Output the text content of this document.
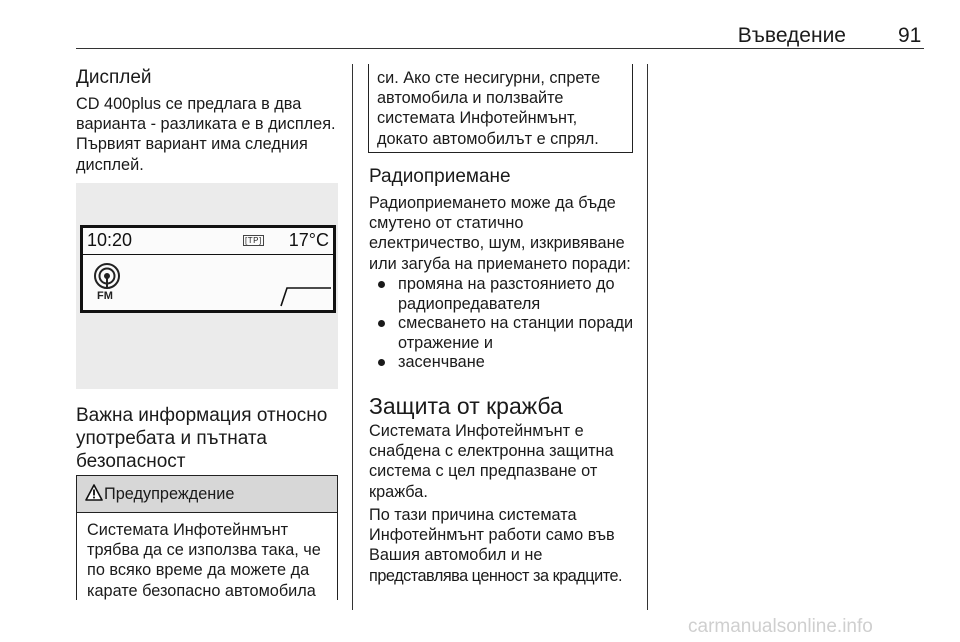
Въведение 91
Дисплей
CD 400plus се предлага в два
варианта - разликата е в дисплея.
Първият вариант има следния
дисплей.
10:20	[TP] 17°C
FM
Важна информация относно
употребата и пътната
безопасност
Предупреждение
Системата Инфотейнмънт
трябва да се използва така, че
по всяко време да можете да
карате безопасно автомобила
си. Ако сте несигурни, спрете
автомобила и ползвайте
системата Инфотейнмънт,
докато автомобилът е спрял.
Радиоприемане
Радиоприемането може да бъде
смутено от статично
електричество, шум, изкривяване
или загуба на приемането поради:
промяна на разстоянието до
радиопредавателя
смесването на станции поради
отражение и
засенчване
Защита от кражба
Системата Инфотейнмънт е
снабдена с електронна защитна
система с цел предпазване от
кражба.
По тази причина системата
Инфотейнмънт работи само във
Вашия автомобил и не
представлява ценност за крадците.
carmanualsonline.info
